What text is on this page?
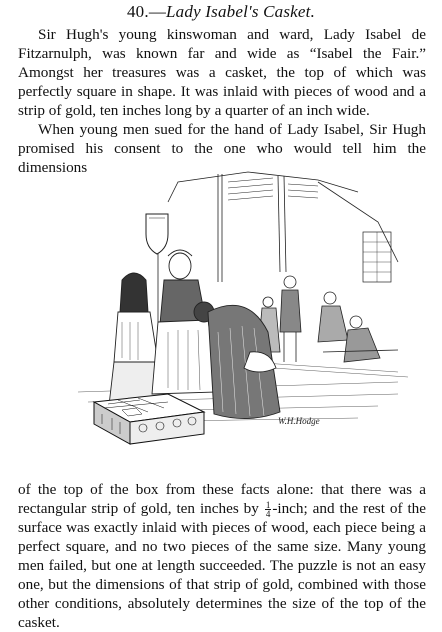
40.—Lady Isabel's Casket.

Sir Hugh's young kinswoman and ward, Lady Isabel de Fitzarnulph, was known far and wide as “Isabel the Fair.” Amongst her treasures was a casket, the top of which was perfectly square in shape. It was inlaid with pieces of wood and a strip of gold, ten inches long by a quarter of an inch wide.

When young men sued for the hand of Lady Isabel, Sir Hugh promised his consent to the one who would tell him the dimensions

W.H.Hodge

of the top of the box from these facts alone: that there was a rectangular strip of gold, ten inches by $\frac{1}{4}$ -inch; and the rest of the surface was exactly inlaid with pieces of wood, each piece being a perfect square, and no two pieces of the same size. Many young men failed, but one at length succeeded. The puzzle is not an easy one, but the dimensions of that strip of gold, combined with those other conditions, absolutely determines the size of the top of the casket.
